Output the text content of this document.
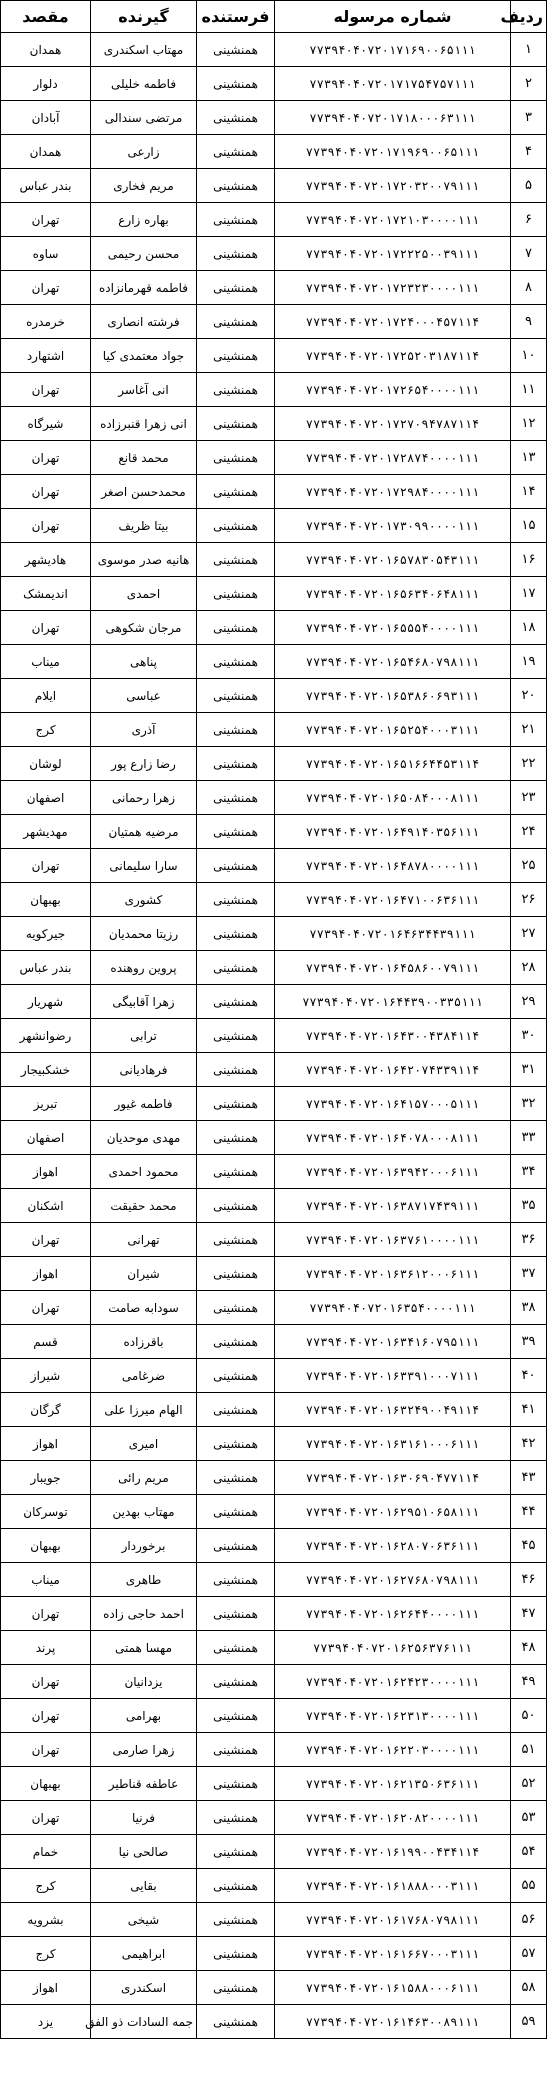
ردیف	شماره مرسوله	فرستنده	گیرنده	مقصد
۱	۷۷۳۹۴۰۴۰۷۲۰۱۷۱۶۹۰۰۶۵۱۱۱	همنشینی	مهتاب اسکندری	همدان
۲	۷۷۳۹۴۰۴۰۷۲۰۱۷۱۷۵۴۷۵۷۱۱۱	همنشینی	فاطمه خلیلی	دلوار
۳	۷۷۳۹۴۰۴۰۷۲۰۱۷۱۸۰۰۰۶۳۱۱۱	همنشینی	مرتضی سندالی	آبادان
۴	۷۷۳۹۴۰۴۰۷۲۰۱۷۱۹۶۹۰۰۶۵۱۱۱	همنشینی	زارعی	همدان
۵	۷۷۳۹۴۰۴۰۷۲۰۱۷۲۰۳۲۰۰۷۹۱۱۱	همنشینی	مریم فخاری	بندر عباس
۶	۷۷۳۹۴۰۴۰۷۲۰۱۷۲۱۰۳۰۰۰۰۱۱۱	همنشینی	بهاره زارع	تهران
۷	۷۷۳۹۴۰۴۰۷۲۰۱۷۲۲۲۵۰۰۳۹۱۱۱	همنشینی	محسن رحیمی	ساوه
۸	۷۷۳۹۴۰۴۰۷۲۰۱۷۲۳۲۳۰۰۰۰۱۱۱	همنشینی	فاطمه قهرمانزاده	تهران
۹	۷۷۳۹۴۰۴۰۷۲۰۱۷۲۴۰۰۰۴۵۷۱۱۴	همنشینی	فرشته انصاری	خرمدره
۱۰	۷۷۳۹۴۰۴۰۷۲۰۱۷۲۵۲۰۳۱۸۷۱۱۴	همنشینی	جواد معتمدی کیا	اشتهارد
۱۱	۷۷۳۹۴۰۴۰۷۲۰۱۷۲۶۵۴۰۰۰۰۱۱۱	همنشینی	انی آغاسر	تهران
۱۲	۷۷۳۹۴۰۴۰۷۲۰۱۷۲۷۰۹۴۷۸۷۱۱۴	همنشینی	انی زهرا قنبرزاده	شیرگاه
۱۳	۷۷۳۹۴۰۴۰۷۲۰۱۷۲۸۷۴۰۰۰۰۱۱۱	همنشینی	محمد قانع	تهران
۱۴	۷۷۳۹۴۰۴۰۷۲۰۱۷۲۹۸۴۰۰۰۰۱۱۱	همنشینی	محمدحسن اصغر	تهران
۱۵	۷۷۳۹۴۰۴۰۷۲۰۱۷۳۰۹۹۰۰۰۰۱۱۱	همنشینی	بیتا ظریف	تهران
۱۶	۷۷۳۹۴۰۴۰۷۲۰۱۶۵۷۸۳۰۵۴۳۱۱۱	همنشینی	هانیه صدر موسوی	هادیشهر
۱۷	۷۷۳۹۴۰۴۰۷۲۰۱۶۵۶۳۴۰۶۴۸۱۱۱	همنشینی	احمدی	اندیمشک
۱۸	۷۷۳۹۴۰۴۰۷۲۰۱۶۵۵۵۴۰۰۰۰۱۱۱	همنشینی	مرجان شکوهی	تهران
۱۹	۷۷۳۹۴۰۴۰۷۲۰۱۶۵۴۶۸۰۷۹۸۱۱۱	همنشینی	پناهی	میناب
۲۰	۷۷۳۹۴۰۴۰۷۲۰۱۶۵۳۸۶۰۶۹۳۱۱۱	همنشینی	عباسی	ایلام
۲۱	۷۷۳۹۴۰۴۰۷۲۰۱۶۵۲۵۴۰۰۰۳۱۱۱	همنشینی	آذری	کرج
۲۲	۷۷۳۹۴۰۴۰۷۲۰۱۶۵۱۶۶۴۴۵۳۱۱۴	همنشینی	رضا زارع پور	لوشان
۲۳	۷۷۳۹۴۰۴۰۷۲۰۱۶۵۰۸۴۰۰۰۸۱۱۱	همنشینی	زهرا رحمانی	اصفهان
۲۴	۷۷۳۹۴۰۴۰۷۲۰۱۶۴۹۱۴۰۳۵۶۱۱۱	همنشینی	مرضیه همتیان	مهدیشهر
۲۵	۷۷۳۹۴۰۴۰۷۲۰۱۶۴۸۷۸۰۰۰۰۱۱۱	همنشینی	سارا سلیمانی	تهران
۲۶	۷۷۳۹۴۰۴۰۷۲۰۱۶۴۷۱۰۰۶۳۶۱۱۱	همنشینی	کشوری	بهبهان
۲۷	۷۷۳۹۴۰۴۰۷۲۰۱۶۴۶۳۴۴۳۹۱۱۱	همنشینی	رزیتا محمدیان	جیرکویه
۲۸	۷۷۳۹۴۰۴۰۷۲۰۱۶۴۵۸۶۰۰۷۹۱۱۱	همنشینی	پروین روهنده	بندر عباس
۲۹	۷۷۳۹۴۰۴۰۷۲۰۱۶۴۴۳۹۰۰۳۳۵۱۱۱	همنشینی	زهرا آقابیگی	شهریار
۳۰	۷۷۳۹۴۰۴۰۷۲۰۱۶۴۳۰۰۴۳۸۴۱۱۴	همنشینی	ترابی	رضوانشهر
۳۱	۷۷۳۹۴۰۴۰۷۲۰۱۶۴۲۰۷۴۳۳۹۱۱۴	همنشینی	فرهادیانی	خشکبیجار
۳۲	۷۷۳۹۴۰۴۰۷۲۰۱۶۴۱۵۷۰۰۰۵۱۱۱	همنشینی	فاطمه غیور	تبریز
۳۳	۷۷۳۹۴۰۴۰۷۲۰۱۶۴۰۷۸۰۰۰۸۱۱۱	همنشینی	مهدی موحدیان	اصفهان
۳۴	۷۷۳۹۴۰۴۰۷۲۰۱۶۳۹۴۲۰۰۰۶۱۱۱	همنشینی	محمود احمدی	اهواز
۳۵	۷۷۳۹۴۰۴۰۷۲۰۱۶۳۸۷۱۷۴۳۹۱۱۱	همنشینی	محمد حقیقت	اشکنان
۳۶	۷۷۳۹۴۰۴۰۷۲۰۱۶۳۷۶۱۰۰۰۰۱۱۱	همنشینی	تهرانی	تهران
۳۷	۷۷۳۹۴۰۴۰۷۲۰۱۶۳۶۱۲۰۰۰۶۱۱۱	همنشینی	شیران	اهواز
۳۸	۷۷۳۹۴۰۴۰۷۲۰۱۶۳۵۴۰۰۰۰۱۱۱	همنشینی	سودابه صامت	تهران
۳۹	۷۷۳۹۴۰۴۰۷۲۰۱۶۳۴۱۶۰۷۹۵۱۱۱	همنشینی	باقرزاده	قسم
۴۰	۷۷۳۹۴۰۴۰۷۲۰۱۶۳۳۹۱۰۰۰۷۱۱۱	همنشینی	ضرغامی	شیراز
۴۱	۷۷۳۹۴۰۴۰۷۲۰۱۶۳۲۴۹۰۰۴۹۱۱۴	همنشینی	الهام میرزا علی	گرگان
۴۲	۷۷۳۹۴۰۴۰۷۲۰۱۶۳۱۶۱۰۰۰۶۱۱۱	همنشینی	امیری	اهواز
۴۳	۷۷۳۹۴۰۴۰۷۲۰۱۶۳۰۶۹۰۴۷۷۱۱۴	همنشینی	مریم رائی	جویبار
۴۴	۷۷۳۹۴۰۴۰۷۲۰۱۶۲۹۵۱۰۶۵۸۱۱۱	همنشینی	مهتاب بهدین	توسرکان
۴۵	۷۷۳۹۴۰۴۰۷۲۰۱۶۲۸۰۷۰۶۳۶۱۱۱	همنشینی	برخوردار	بهبهان
۴۶	۷۷۳۹۴۰۴۰۷۲۰۱۶۲۷۶۸۰۷۹۸۱۱۱	همنشینی	طاهری	میناب
۴۷	۷۷۳۹۴۰۴۰۷۲۰۱۶۲۶۴۴۰۰۰۰۱۱۱	همنشینی	احمد حاجی زاده	تهران
۴۸	۷۷۳۹۴۰۴۰۷۲۰۱۶۲۵۶۳۷۶۱۱۱	همنشینی	مهسا همتی	پرند
۴۹	۷۷۳۹۴۰۴۰۷۲۰۱۶۲۴۲۳۰۰۰۰۱۱۱	همنشینی	یزدانیان	تهران
۵۰	۷۷۳۹۴۰۴۰۷۲۰۱۶۲۳۱۳۰۰۰۰۱۱۱	همنشینی	بهرامی	تهران
۵۱	۷۷۳۹۴۰۴۰۷۲۰۱۶۲۲۰۳۰۰۰۰۱۱۱	همنشینی	زهرا صارمی	تهران
۵۲	۷۷۳۹۴۰۴۰۷۲۰۱۶۲۱۳۵۰۶۳۶۱۱۱	همنشینی	عاطفه قناطیر	بهبهان
۵۳	۷۷۳۹۴۰۴۰۷۲۰۱۶۲۰۸۲۰۰۰۰۱۱۱	همنشینی	فرنیا	تهران
۵۴	۷۷۳۹۴۰۴۰۷۲۰۱۶۱۹۹۰۰۴۳۴۱۱۴	همنشینی	صالحی نیا	خمام
۵۵	۷۷۳۹۴۰۴۰۷۲۰۱۶۱۸۸۸۰۰۰۳۱۱۱	همنشینی	بقایی	کرج
۵۶	۷۷۳۹۴۰۴۰۷۲۰۱۶۱۷۶۸۰۷۹۸۱۱۱	همنشینی	شیخی	بشرویه
۵۷	۷۷۳۹۴۰۴۰۷۲۰۱۶۱۶۶۷۰۰۰۳۱۱۱	همنشینی	ابراهیمی	کرج
۵۸	۷۷۳۹۴۰۴۰۷۲۰۱۶۱۵۸۸۰۰۰۶۱۱۱	همنشینی	اسکندری	اهواز
۵۹	۷۷۳۹۴۰۴۰۷۲۰۱۶۱۴۶۳۰۰۸۹۱۱۱	همنشینی	جمه السادات ذو الفق	یزد
